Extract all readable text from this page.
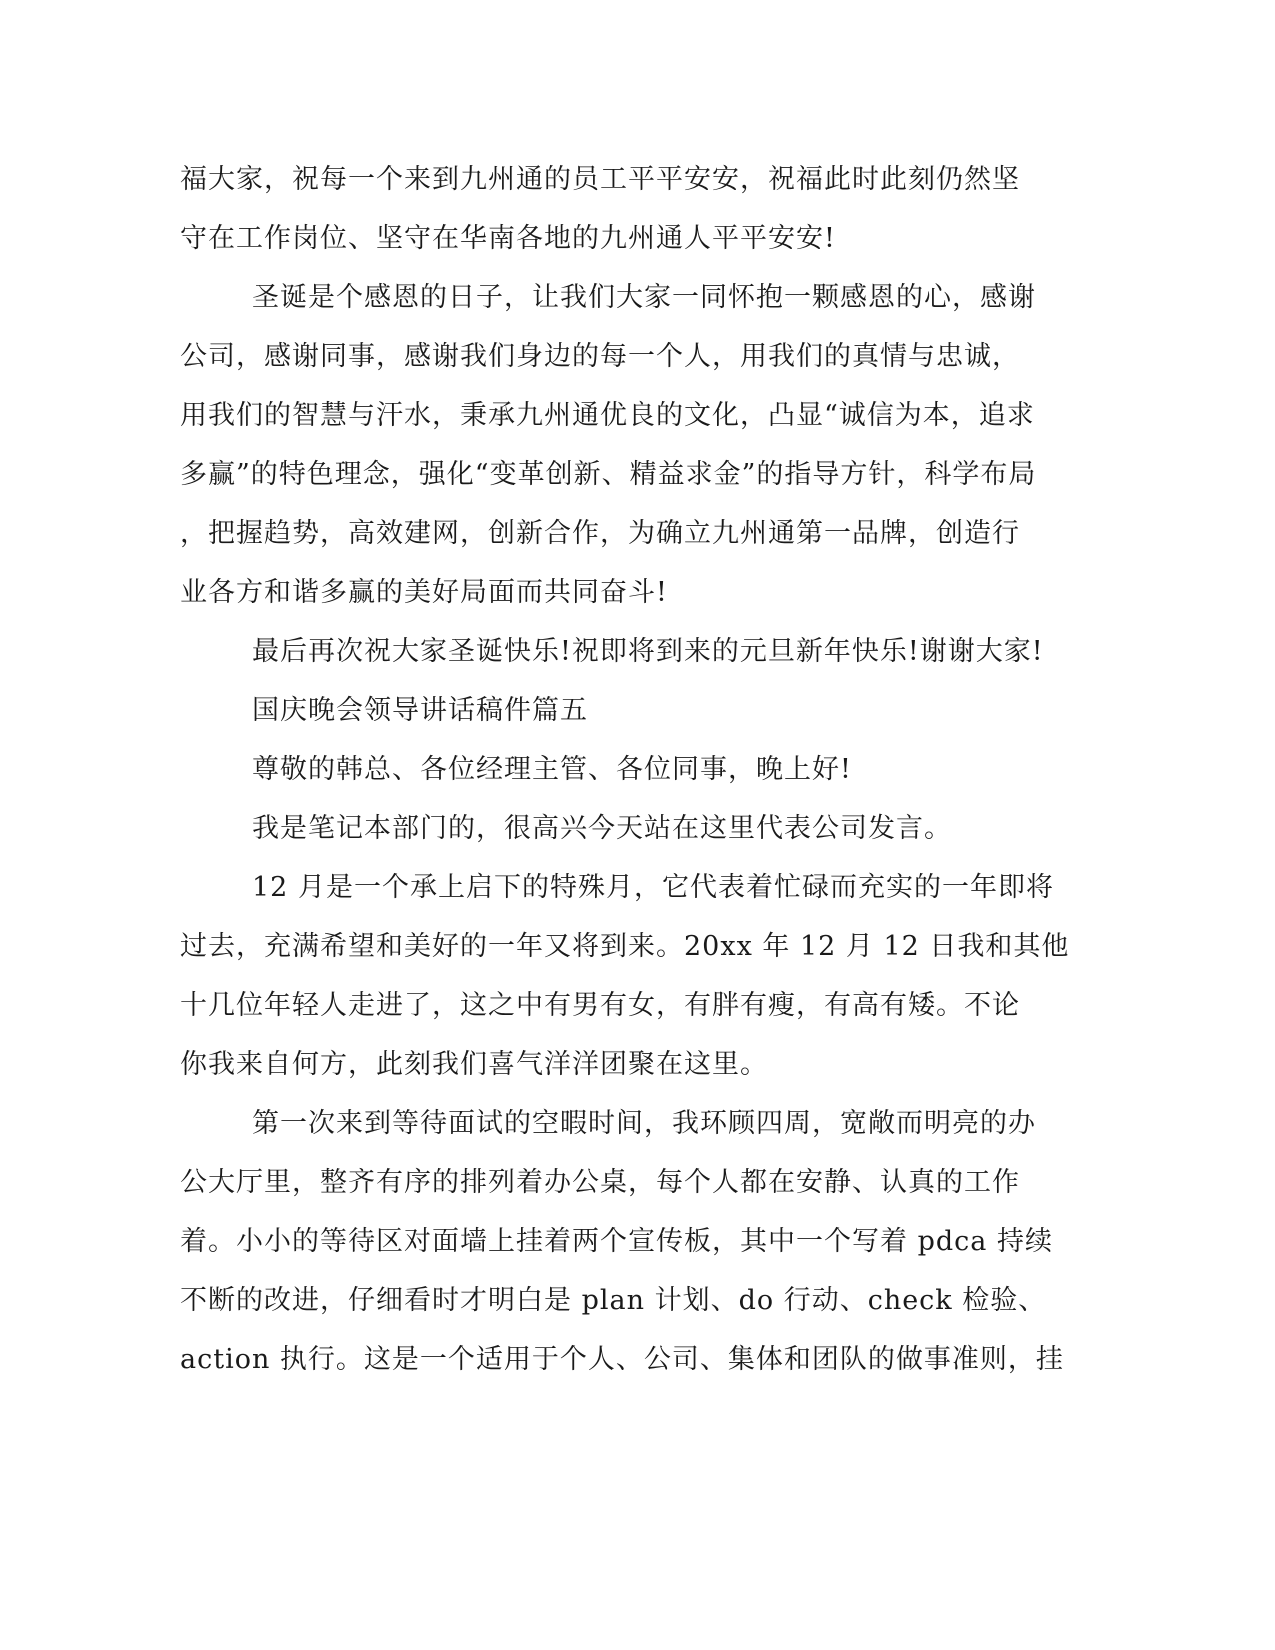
福大家，祝每一个来到九州通的员工平平安安，祝福此时此刻仍然坚
守在工作岗位、坚守在华南各地的九州通人平平安安!

圣诞是个感恩的日子，让我们大家一同怀抱一颗感恩的心，感谢
公司，感谢同事，感谢我们身边的每一个人，用我们的真情与忠诚，
用我们的智慧与汗水，秉承九州通优良的文化，凸显“诚信为本，追求
多赢”的特色理念，强化“变革创新、精益求金”的指导方针，科学布局
，把握趋势，高效建网，创新合作，为确立九州通第一品牌，创造行
业各方和谐多赢的美好局面而共同奋斗!

最后再次祝大家圣诞快乐!祝即将到来的元旦新年快乐!谢谢大家!

国庆晚会领导讲话稿件篇五

尊敬的韩总、各位经理主管、各位同事，晚上好!

我是笔记本部门的，很高兴今天站在这里代表公司发言。

12 月是一个承上启下的特殊月，它代表着忙碌而充实的一年即将
过去，充满希望和美好的一年又将到来。20xx 年 12 月 12 日我和其他
十几位年轻人走进了，这之中有男有女，有胖有瘦，有高有矮。不论
你我来自何方，此刻我们喜气洋洋团聚在这里。

第一次来到等待面试的空暇时间，我环顾四周，宽敞而明亮的办
公大厅里，整齐有序的排列着办公桌，每个人都在安静、认真的工作
着。小小的等待区对面墙上挂着两个宣传板，其中一个写着 pdca 持续
不断的改进，仔细看时才明白是 plan 计划、do 行动、check 检验、
action 执行。这是一个适用于个人、公司、集体和团队的做事准则，挂
